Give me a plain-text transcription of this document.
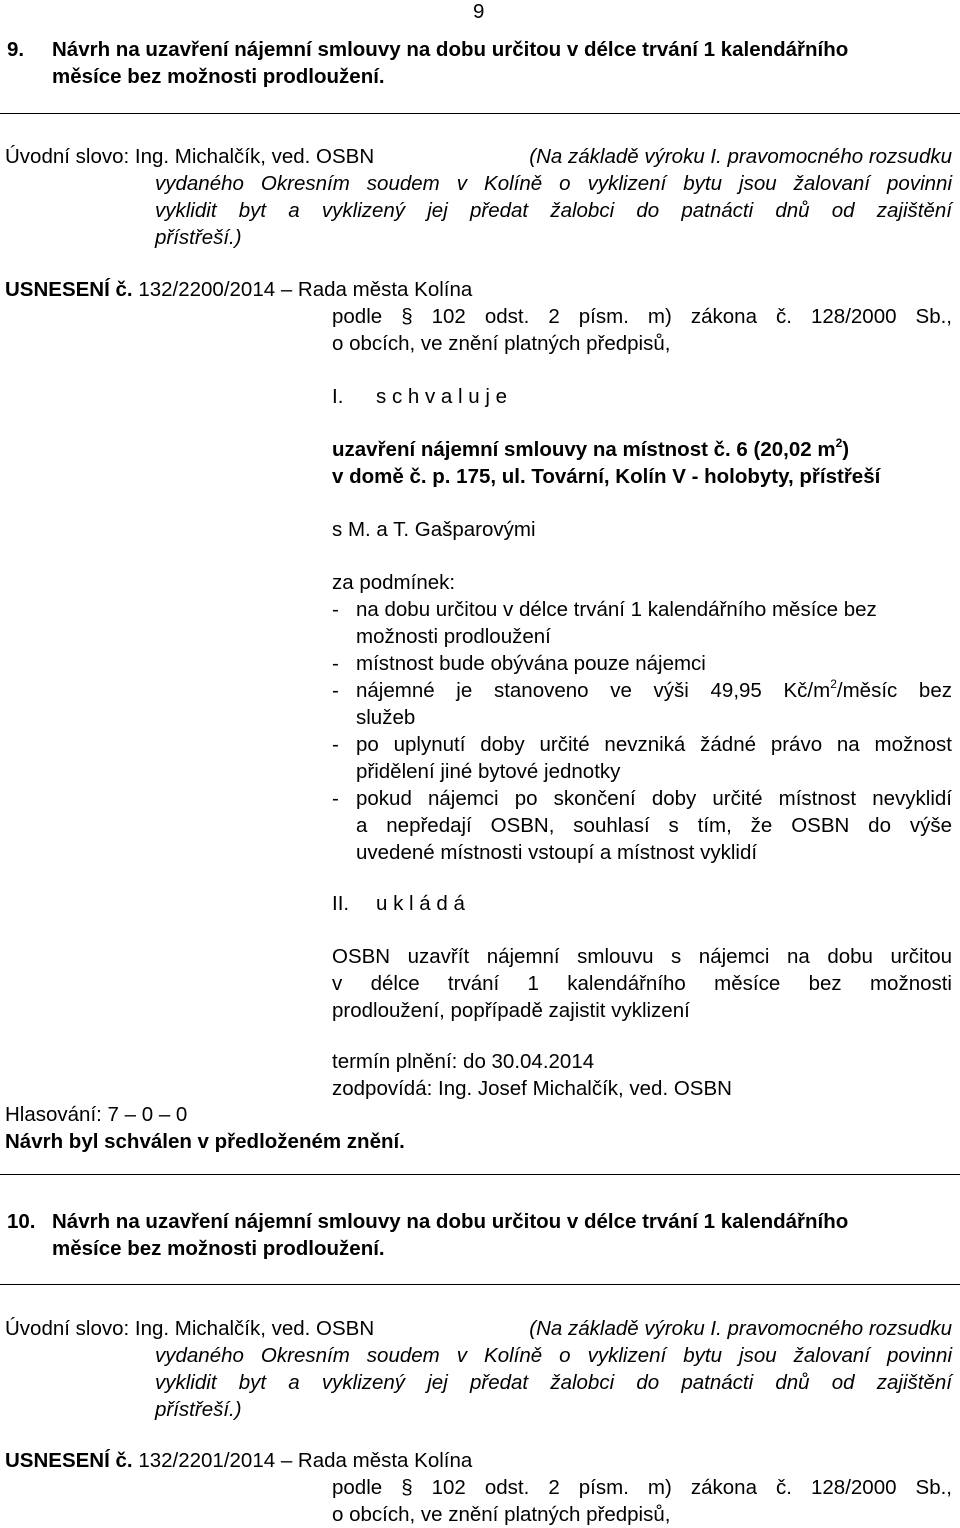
9
9. Návrh na uzavření nájemní smlouvy na dobu určitou v délce trvání 1 kalendářního
měsíce bez možnosti prodloužení.
Úvodní slovo: Ing. Michalčík, ved. OSBN	(Na základě výroku I. pravomocného rozsudku
vydaného Okresním soudem v Kolíně o vyklizení bytu jsou žalovaní povinni
vyklidit byt a vyklizený jej předat žalobci do patnácti dnů od zajištění
přístřeší.)
USNESENÍ č. 132/2200/2014 – Rada města Kolína
podle § 102 odst. 2 písm. m) zákona č. 128/2000 Sb.,
o obcích, ve znění platných předpisů,
I. s c h v a l u j e
uzavření nájemní smlouvy na místnost č. 6 (20,02 $m^2$)
v domě č. p. 175, ul. Tovární, Kolín V - holobyty, přístřeší
s M. a T. Gašparovými
za podmínek:
- na dobu určitou v délce trvání 1 kalendářního měsíce bez
možnosti prodloužení
- místnost bude obývána pouze nájemci
- nájemné je stanoveno ve výši 49,95 $Kč/m^2$/měsíc bez
služeb
- po uplynutí doby určité nevzniká žádné právo na možnost
přidělení jiné bytové jednotky
- pokud nájemci po skončení doby určité místnost nevyklidí
a nepředají OSBN, souhlasí s tím, že OSBN do výše
uvedené místnosti vstoupí a místnost vyklidí
II. u k l á d á
OSBN uzavřít nájemní smlouvu s nájemci na dobu určitou
v délce trvání 1 kalendářního měsíce bez možnosti
prodloužení, popřípadě zajistit vyklizení
termín plnění: do 30.04.2014
zodpovídá: Ing. Josef Michalčík, ved. OSBN
Hlasování: 7 – 0 – 0
Návrh byl schválen v předloženém znění.
10. Návrh na uzavření nájemní smlouvy na dobu určitou v délce trvání 1 kalendářního
měsíce bez možnosti prodloužení.
Úvodní slovo: Ing. Michalčík, ved. OSBN	(Na základě výroku I. pravomocného rozsudku
vydaného Okresním soudem v Kolíně o vyklizení bytu jsou žalovaní povinni
vyklidit byt a vyklizený jej předat žalobci do patnácti dnů od zajištění
přístřeší.)
USNESENÍ č. 132/2201/2014 – Rada města Kolína
podle § 102 odst. 2 písm. m) zákona č. 128/2000 Sb.,
o obcích, ve znění platných předpisů,
